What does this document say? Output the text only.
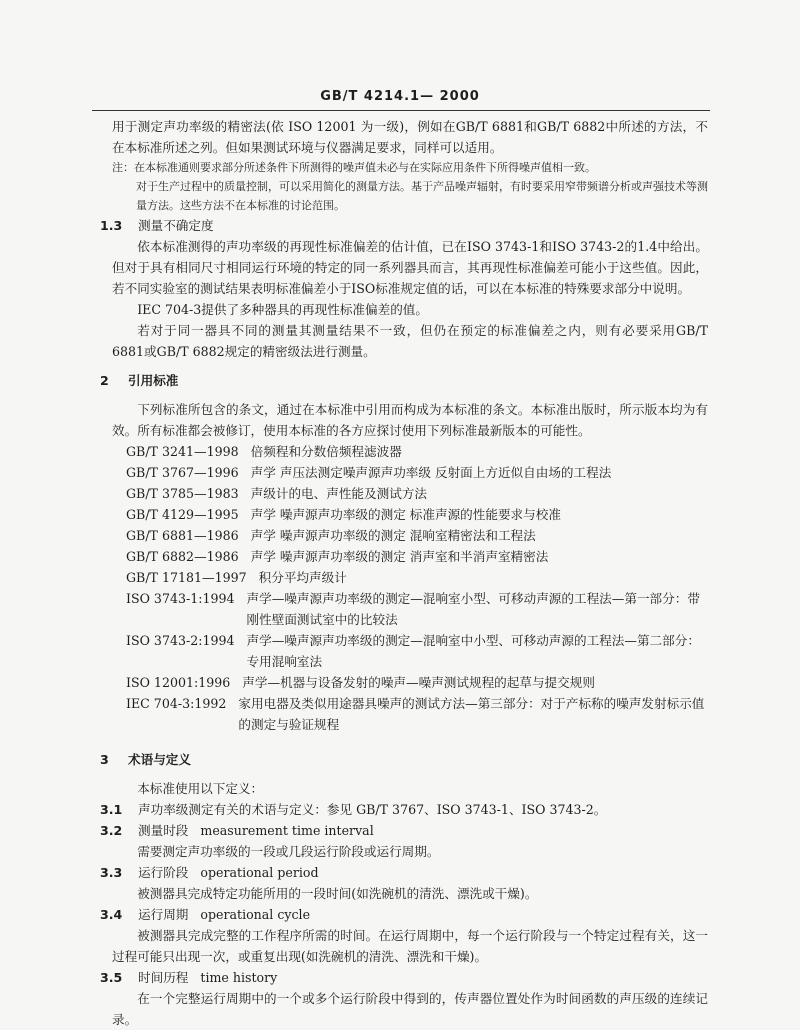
GB/T 4214.1— 2000

用于测定声功率级的精密法(依 ISO 12001 为一级)，例如在GB/T 6881和GB/T 6882中所述的方法，不在本标准所述之列。但如果测试环境与仪器满足要求，同样可以适用。

注：在本标准通则要求部分所述条件下所测得的噪声值未必与在实际应用条件下所得噪声值相一致。

对于生产过程中的质量控制，可以采用简化的测量方法。基于产品噪声辐射，有时要采用窄带频谱分析或声强技术等测量方法。这些方法不在本标准的讨论范围。

1.3 测量不确定度

依本标准测得的声功率级的再现性标准偏差的估计值，已在ISO 3743-1和ISO 3743-2的1.4中给出。但对于具有相同尺寸相同运行环境的特定的同一系列器具而言，其再现性标准偏差可能小于这些值。因此，若不同实验室的测试结果表明标准偏差小于ISO标准规定值的话，可以在本标准的特殊要求部分中说明。

IEC 704-3提供了多种器具的再现性标准偏差的值。

若对于同一器具不同的测量其测量结果不一致，但仍在预定的标准偏差之内，则有必要采用GB/T 6881或GB/T 6882规定的精密级法进行测量。

2 引用标准

下列标准所包含的条文，通过在本标准中引用而构成为本标准的条文。本标准出版时，所示版本均为有效。所有标准都会被修订，使用本标准的各方应探讨使用下列标准最新版本的可能性。

GB/T 3241—1998 倍频程和分数倍频程滤波器
GB/T 3767—1996 声学 声压法测定噪声源声功率级 反射面上方近似自由场的工程法
GB/T 3785—1983 声级计的电、声性能及测试方法
GB/T 4129—1995 声学 噪声源声功率级的测定 标准声源的性能要求与校准
GB/T 6881—1986 声学 噪声源声功率级的测定 混响室精密法和工程法
GB/T 6882—1986 声学 噪声源声功率级的测定 消声室和半消声室精密法
GB/T 17181—1997 积分平均声级计
ISO 3743-1:1994 声学—噪声源声功率级的测定—混响室小型、可移动声源的工程法—第一部分：带刚性壁面测试室中的比较法
ISO 3743-2:1994 声学—噪声源声功率级的测定—混响室中小型、可移动声源的工程法—第二部分：专用混响室法
ISO 12001:1996 声学—机器与设备发射的噪声—噪声测试规程的起草与提交规则
IEC 704-3:1992 家用电器及类似用途器具噪声的测试方法—第三部分：对于产标称的噪声发射标示值的测定与验证规程
3 术语与定义

本标准使用以下定义：

3.1 声功率级测定有关的术语与定义：参见 GB/T 3767、ISO 3743-1、ISO 3743-2。
3.2 测量时段 measurement time interval

需要测定声功率级的一段或几段运行阶段或运行周期。

3.3 运行阶段 operational period

被测器具完成特定功能所用的一段时间(如洗碗机的清洗、漂洗或干燥)。

3.4 运行周期 operational cycle

被测器具完成完整的工作程序所需的时间。在运行周期中，每一个运行阶段与一个特定过程有关，这一过程可能只出现一次，或重复出现(如洗碗机的清洗、漂洗和干燥)。

3.5 时间历程 time history

在一个完整运行周期中的一个或多个运行阶段中得到的，传声器位置处作为时间函数的声压级的连续记录。
